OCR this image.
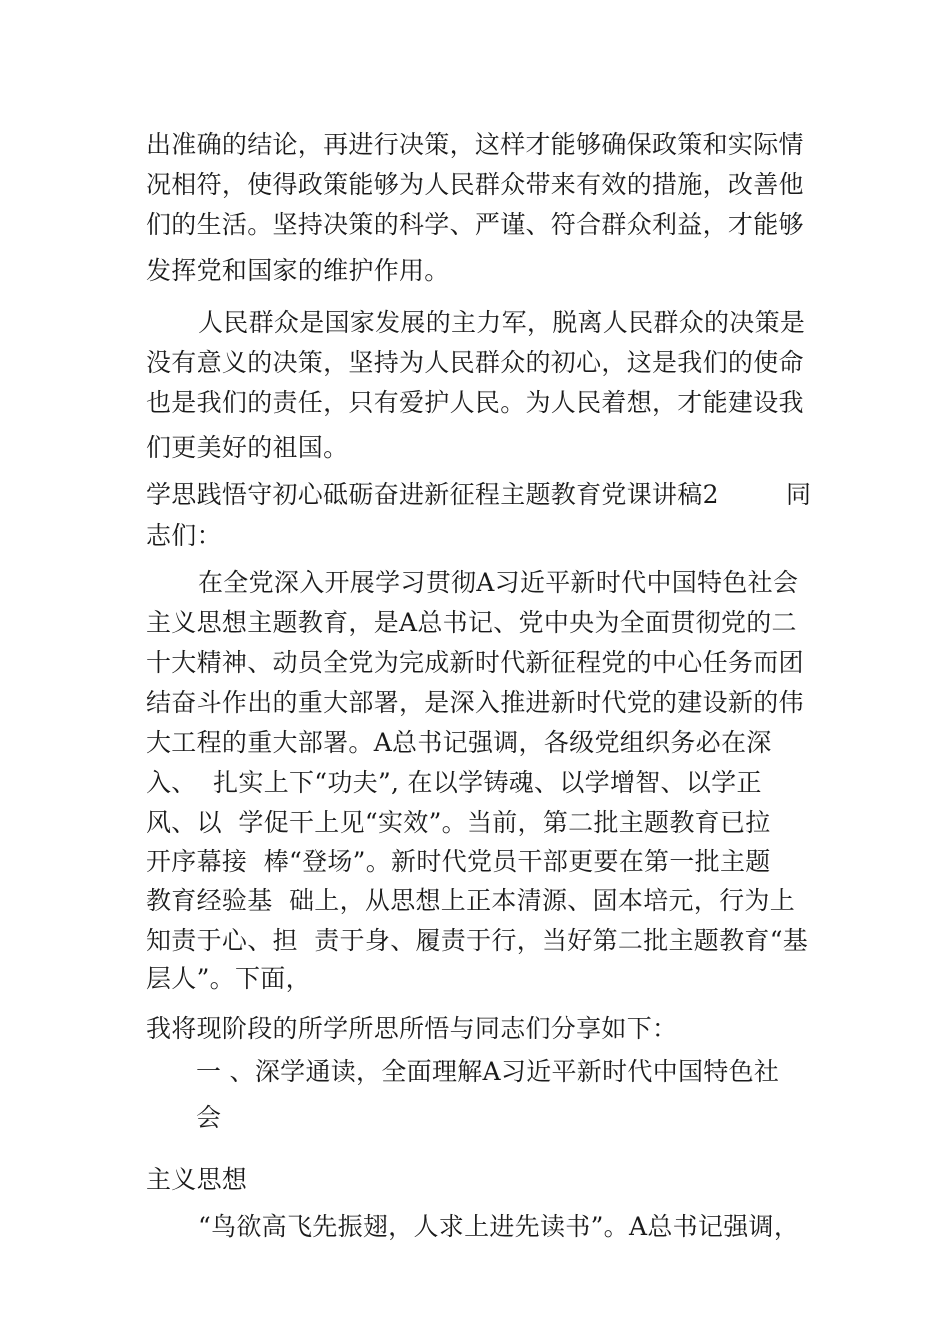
出准确的结论，再进行决策，这样才能够确保政策和实际情
况相符，使得政策能够为人民群众带来有效的措施，改善他
们的生活。坚持决策的科学、严谨、符合群众利益，才能够
发挥党和国家的维护作用。
人民群众是国家发展的主力军，脱离人民群众的决策是
没有意义的决策，坚持为人民群众的初心，这是我们的使命
也是我们的责任，只有爱护人民。为人民着想，才能建设我
们更美好的祖国。
学思践悟守初心砥砺奋进新征程主题教育党课讲稿2	同
志们：
在全党深入开展学习贯彻A习近平新时代中国特色社会
主义思想主题教育，是A总书记、党中央为全面贯彻党的二
十大精神、动员全党为完成新时代新征程党的中心任务而团
结奋斗作出的重大部署，是深入推进新时代党的建设新的伟
大工程的重大部署。A总书记强调，各级党组织务必在深
入、  扎实上下“功夫”, 在以学铸魂、以学增智、以学正
风、以  学促干上见“实效”。当前，第二批主题教育已拉
开序幕接  棒“登场”。新时代党员干部更要在第一批主题
教育经验基  础上，从思想上正本清源、固本培元，行为上
知责于心、担  责于身、履责于行，当好第二批主题教育“基
层人”。下面，
我将现阶段的所学所思所悟与同志们分享如下：
一 、深学通读，全面理解A习近平新时代中国特色社
会
主义思想
“鸟欲高飞先振翅，人求上进先读书”。A总书记强调，
